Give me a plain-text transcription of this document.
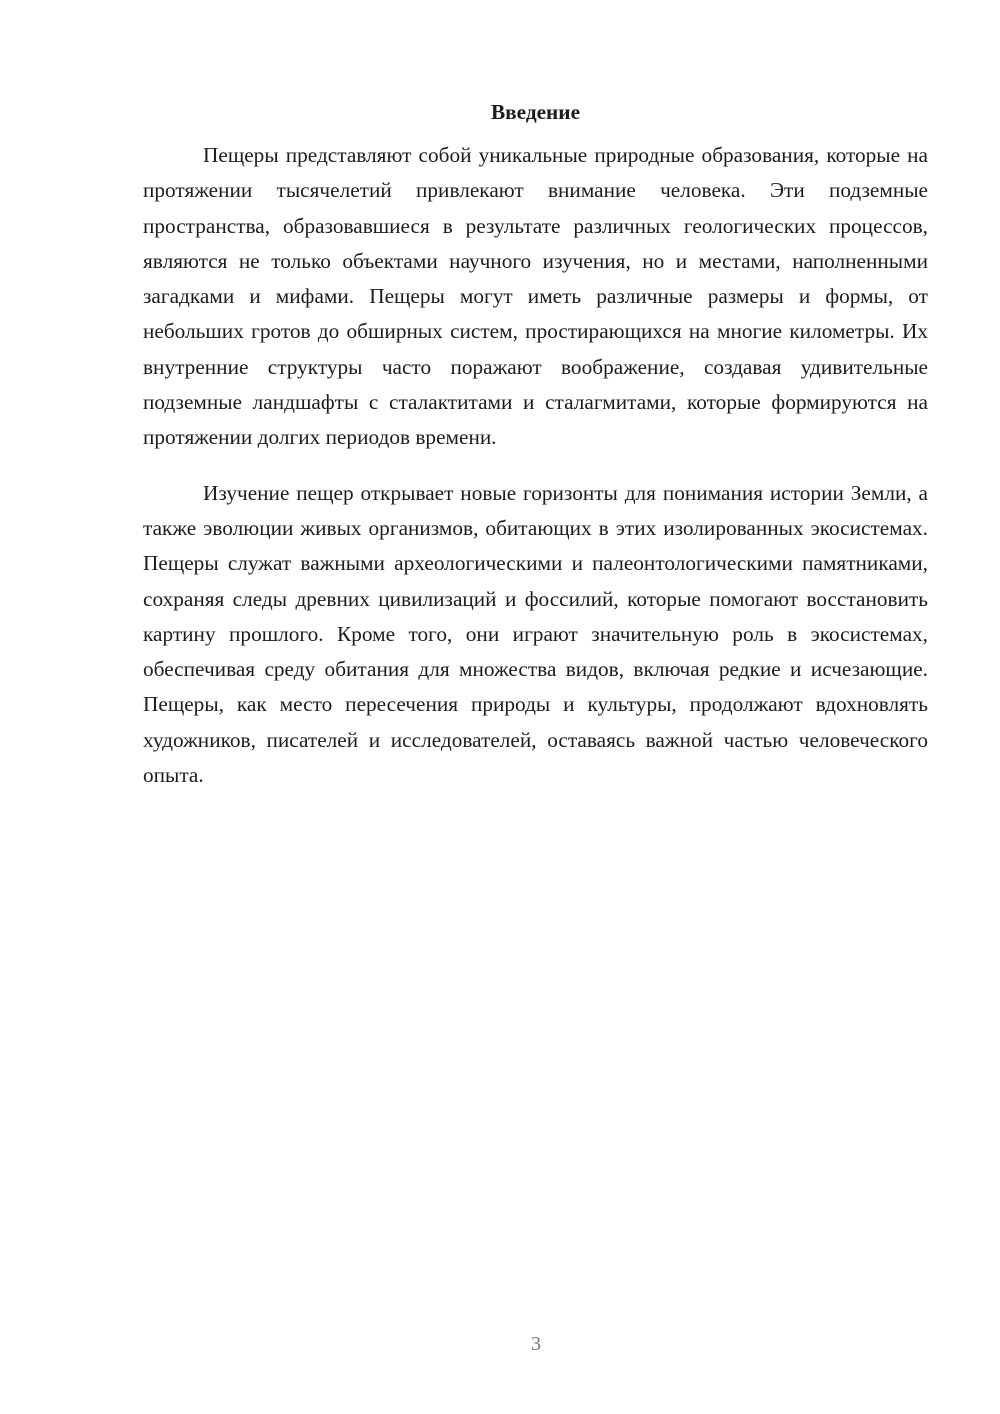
Введение

Пещеры представляют собой уникальные природные образования, которые на протяжении тысячелетий привлекают внимание человека. Эти подземные пространства, образовавшиеся в результате различных геологических процессов, являются не только объектами научного изучения, но и местами, наполненными загадками и мифами. Пещеры могут иметь различные размеры и формы, от небольших гротов до обширных систем, простирающихся на многие километры. Их внутренние структуры часто поражают воображение, создавая удивительные подземные ландшафты с сталактитами и сталагмитами, которые формируются на протяжении долгих периодов времени.

Изучение пещер открывает новые горизонты для понимания истории Земли, а также эволюции живых организмов, обитающих в этих изолированных экосистемах. Пещеры служат важными археологическими и палеонтологическими памятниками, сохраняя следы древних цивилизаций и фоссилий, которые помогают восстановить картину прошлого. Кроме того, они играют значительную роль в экосистемах, обеспечивая среду обитания для множества видов, включая редкие и исчезающие. Пещеры, как место пересечения природы и культуры, продолжают вдохновлять художников, писателей и исследователей, оставаясь важной частью человеческого опыта.

3
